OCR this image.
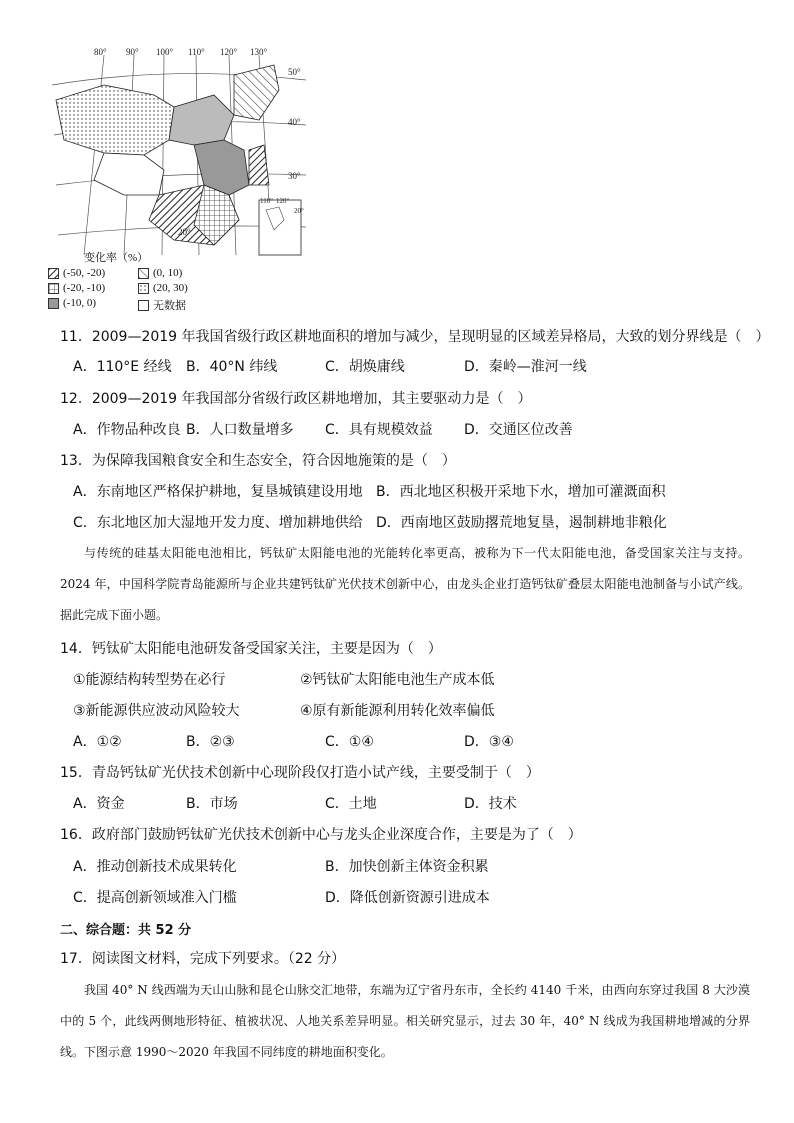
80° 90° 100° 110° 120° 130°
50°
40°
30°
20°
110° 120°
20°
变化率（%）
(-50, -20)	(0, 10)
(-20, -10)	(20, 30)
(-10, 0)	无数据
11．2009—2019 年我国省级行政区耕地面积的增加与减少，呈现明显的区域差异格局，大致的划分界线是（　）
A．110°E 经线 B．40°N 纬线	C．胡焕庸线	D．秦岭—淮河一线
12．2009—2019 年我国部分省级行政区耕地增加，其主要驱动力是（　）
A．作物品种改良 B．人口数量增多 C．具有规模效益 D．交通区位改善
13．为保障我国粮食安全和生态安全，符合因地施策的是（　）
A．东南地区严格保护耕地，复垦城镇建设用地 B．西北地区积极开采地下水，增加可灌溉面积
C．东北地区加大湿地开发力度、增加耕地供给 D．西南地区鼓励撂荒地复垦，遏制耕地非粮化

与传统的硅基太阳能电池相比，钙钛矿太阳能电池的光能转化率更高，被称为下一代太阳能电池，备受国家关注与支持。2024 年，中国科学院青岛能源所与企业共建钙钛矿光伏技术创新中心，由龙头企业打造钙钛矿叠层太阳能电池制备与小试产线。据此完成下面小题。

14．钙钛矿太阳能电池研发备受国家关注，主要是因为（　）
①能源结构转型势在必行	②钙钛矿太阳能电池生产成本低
③新能源供应波动风险较大	④原有新能源利用转化效率偏低
A．①②	B．②③	C．①④	D．③④
15．青岛钙钛矿光伏技术创新中心现阶段仅打造小试产线，主要受制于（　）
A．资金	B．市场	C．土地	D．技术
16．政府部门鼓励钙钛矿光伏技术创新中心与龙头企业深度合作，主要是为了（　）
A．推动创新技术成果转化	B．加快创新主体资金积累
C．提高创新领域准入门槛	D．降低创新资源引进成本
二、综合题：共 52 分
17．阅读图文材料，完成下列要求。（22 分）

我国 40° N 线西端为天山山脉和昆仑山脉交汇地带，东端为辽宁省丹东市，全长约 4140 千米，由西向东穿过我国 8 大沙漠中的 5 个，此线两侧地形特征、植被状况、人地关系差异明显。相关研究显示，过去 30 年，40° N 线成为我国耕地增减的分界线。下图示意 1990～2020 年我国不同纬度的耕地面积变化。
